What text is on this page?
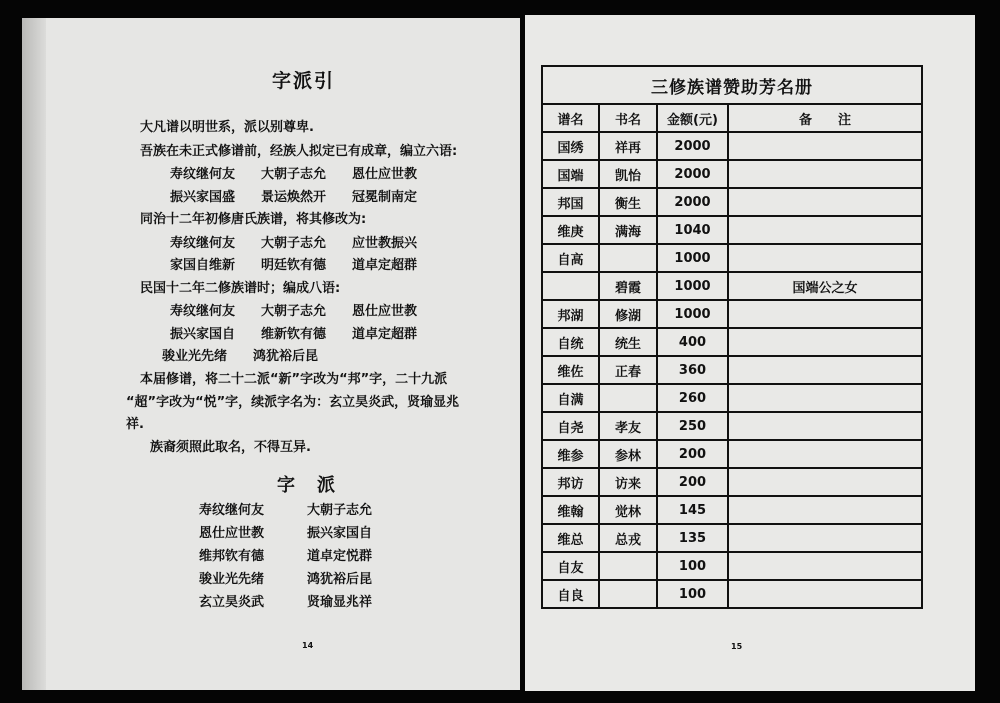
字派引
大凡谱以明世系，派以别尊卑.
吾族在未正式修谱前，经族人拟定已有成章，编立六语:
寿纹继何友　　大朝子志允　　恩仕应世教
振兴家国盛　　景运焕然开　　冠冕制南定
同治十二年初修唐氏族谱，将其修改为:
寿纹继何友　　大朝子志允　　应世教振兴
家国自维新　　明廷钦有德　　道卓定超群
民国十二年二修族谱时；编成八语:
寿纹继何友　　大朝子志允　　恩仕应世教
振兴家国自　　维新钦有德　　道卓定超群
骏业光先绪　　鸿犹裕后昆
本届修谱，将二十二派“新”字改为“邦”字，二十九派
“超”字改为“悦”字，续派字名为：玄立昊炎武，贤瑜显兆
祥.
族裔须照此取名，不得互异.
字　派
寿纹继何友	大朝子志允
恩仕应世教	振兴家国自
维邦钦有德	道卓定悦群
骏业光先绪	鸿犹裕后昆
玄立昊炎武	贤瑜显兆祥
14
三修族谱赞助芳名册			
谱名	书名	金额(元)	备　　注
国绣	祥再	2000	
国端	凯怡	2000	
邦国	衡生	2000	
维庚	满海	1040	
自高		1000	
	碧霞	1000	国端公之女
邦湖	修湖	1000	
自统	统生	400	
维佐	正春	360	
自满		260	
自尧	孝友	250	
维参	参林	200	
邦访	访来	200	
维翰	觉林	145	
维总	总戎	135	
自友		100	
自良		100	
15
